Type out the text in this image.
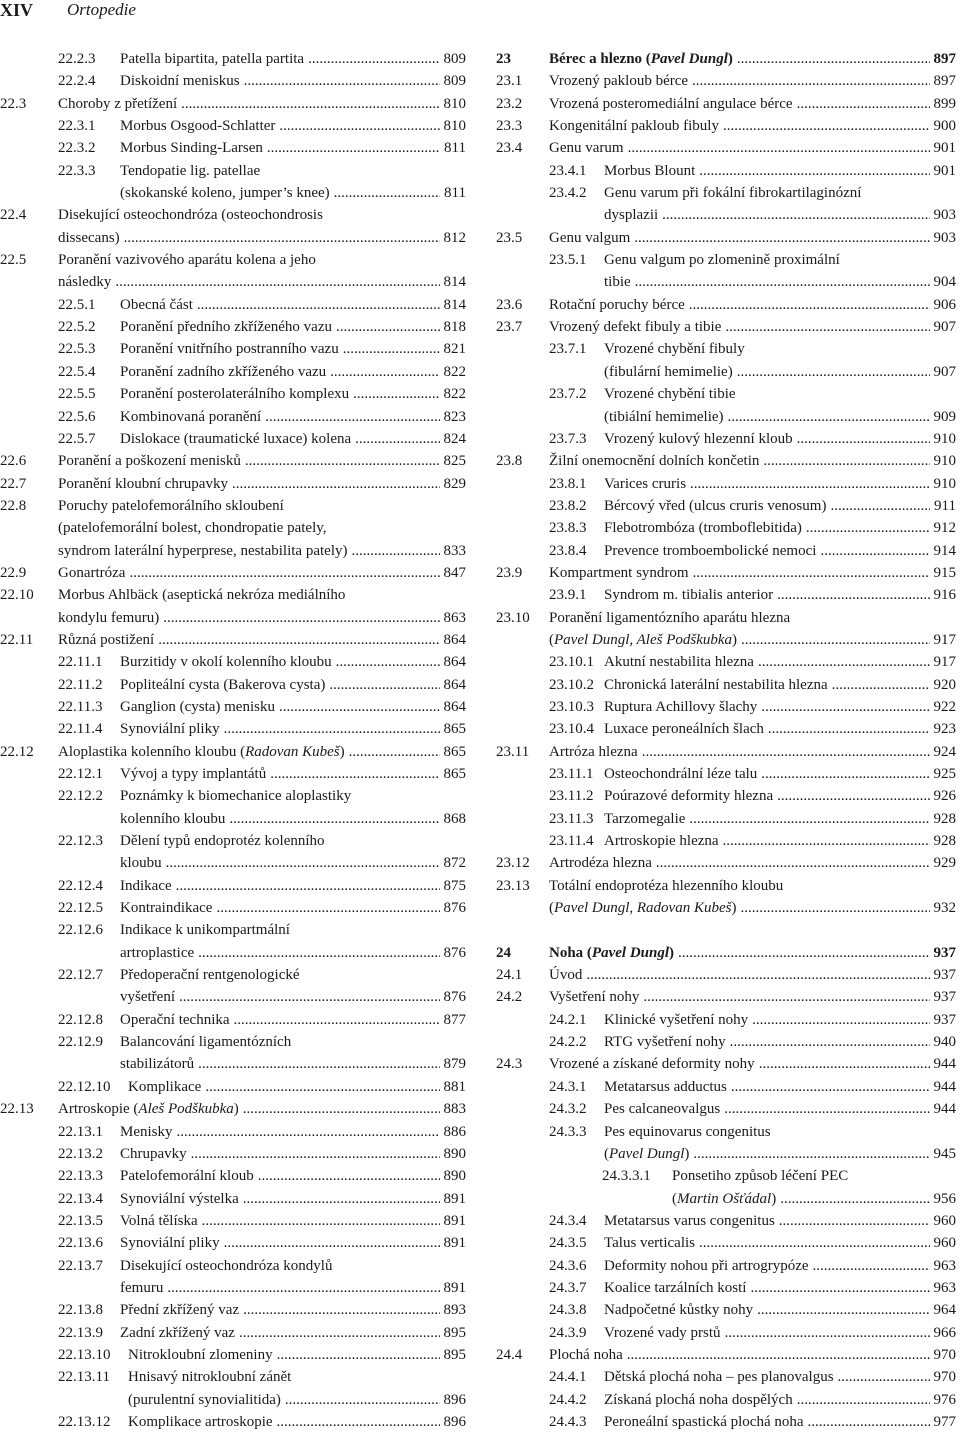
XIV Ortopedie
22.2.3	Patella bipartita, patella partita .....	809
22.2.4	Diskoidní meniskus .....	809
22.3	Choroby z přetížení .....	810
22.3.1	Morbus Osgood-Schlatter .....	810
22.3.2	Morbus Sinding-Larsen .....	811
22.3.3	Tendopatie lig. patellae
(skokanské koleno, jumper’s knee) .....	811
22.4	Disekující osteochondróza (osteochondrosis
dissecans) .....	812
22.5	Poranění vazivového aparátu kolena a jeho
následky .....	814
22.5.1	Obecná část .....	814
22.5.2	Poranění předního zkříženého vazu .....	818
22.5.3	Poranění vnitřního postranního vazu .....	821
22.5.4	Poranění zadního zkříženého vazu .....	822
22.5.5	Poranění posterolaterálního komplexu .....	822
22.5.6	Kombinovaná poranění .....	823
22.5.7	Dislokace (traumatické luxace) kolena .....	824
22.6	Poranění a poškození menisků .....	825
22.7	Poranění kloubní chrupavky .....	829
22.8	Poruchy patelofemorálního skloubení
(patelofemorální bolest, chondropatie pately,
syndrom laterální hyperprese, nestabilita pately) .....	833
22.9	Gonartróza .....	847
22.10	Morbus Ahlbäck (aseptická nekróza mediálního
kondylu femuru) .....	863
22.11	Různá postižení .....	864
22.11.1	Burzitidy v okolí kolenního kloubu .....	864
22.11.2	Popliteální cysta (Bakerova cysta) .....	864
22.11.3	Ganglion (cysta) menisku .....	864
22.11.4	Synoviální pliky .....	865
22.12	Aloplastika kolenního kloubu (Radovan Kubeš) .....	865
22.12.1	Vývoj a typy implantátů .....	865
22.12.2	Poznámky k biomechanice aloplastiky
kolenního kloubu .....	868
22.12.3	Dělení typů endoprotéz kolenního
kloubu .....	872
22.12.4	Indikace .....	875
22.12.5	Kontraindikace .....	876
22.12.6	Indikace k unikompartmální
artroplastice .....	876
22.12.7	Předoperační rentgenologické
vyšetření .....	876
22.12.8	Operační technika .....	877
22.12.9	Balancování ligamentózních
stabilizátorů .....	879
22.12.10	Komplikace .....	881
22.13	Artroskopie (Aleš Podškubka) .....	883
22.13.1	Menisky .....	886
22.13.2	Chrupavky .....	890
22.13.3	Patelofemorální kloub .....	890
22.13.4	Synoviální výstelka .....	891
22.13.5	Volná tělíska .....	891
22.13.6	Synoviální pliky .....	891
22.13.7	Disekující osteochondróza kondylů
femuru .....	891
22.13.8	Přední zkřížený vaz .....	893
22.13.9	Zadní zkřížený vaz .....	895
22.13.10	Nitrokloubní zlomeniny .....	895
22.13.11	Hnisavý nitrokloubní zánět
(purulentní synovialitida) .....	896
22.13.12	Komplikace artroskopie .....	896
23	Bérec a hlezno (Pavel Dungl) .....	897
23.1	Vrozený pakloub bérce .....	897
23.2	Vrozená posteromediální angulace bérce .....	899
23.3	Kongenitální pakloub fibuly .....	900
23.4	Genu varum .....	901
23.4.1	Morbus Blount .....	901
23.4.2	Genu varum při fokální fibrokartilaginózní
dysplazii .....	903
23.5	Genu valgum .....	903
23.5.1	Genu valgum po zlomenině proximální
tibie .....	904
23.6	Rotační poruchy bérce .....	906
23.7	Vrozený defekt fibuly a tibie .....	907
23.7.1	Vrozené chybění fibuly
(fibulární hemimelie) .....	907
23.7.2	Vrozené chybění tibie
(tibiální hemimelie) .....	909
23.7.3	Vrozený kulový hlezenní kloub .....	910
23.8	Žilní onemocnění dolních končetin .....	910
23.8.1	Varices cruris .....	910
23.8.2	Bércový vřed (ulcus cruris venosum) .....	911
23.8.3	Flebotrombóza (tromboflebitida) .....	912
23.8.4	Prevence tromboembolické nemoci .....	914
23.9	Kompartment syndrom .....	915
23.9.1	Syndrom m. tibialis anterior .....	916
23.10	Poranění ligamentózního aparátu hlezna
(Pavel Dungl, Aleš Podškubka) .....	917
23.10.1 Akutní nestabilita hlezna .....	917
23.10.2 Chronická laterální nestabilita hlezna .....	920
23.10.3 Ruptura Achillovy šlachy .....	922
23.10.4 Luxace peroneálních šlach .....	923
23.11	Artróza hlezna .....	924
23.11.1 Osteochondrální léze talu .....	925
23.11.2 Poúrazové deformity hlezna .....	926
23.11.3 Tarzomegalie .....	928
23.11.4 Artroskopie hlezna .....	928
23.12	Artrodéza hlezna .....	929
23.13	Totální endoprotéza hlezenního kloubu
(Pavel Dungl, Radovan Kubeš) .....	932
24	Noha (Pavel Dungl) .....	937
24.1	Úvod .....	937
24.2	Vyšetření nohy .....	937
24.2.1	Klinické vyšetření nohy .....	937
24.2.2	RTG vyšetření nohy .....	940
24.3	Vrozené a získané deformity nohy .....	944
24.3.1	Metatarsus adductus .....	944
24.3.2	Pes calcaneovalgus .....	944
24.3.3	Pes equinovarus congenitus
(Pavel Dungl) .....	945
24.3.3.1	Ponsetiho způsob léčení PEC
(Martin Ošťádal) .....	956
24.3.4	Metatarsus varus congenitus .....	960
24.3.5	Talus verticalis .....	960
24.3.6	Deformity nohou při artrogrypóze .....	963
24.3.7	Koalice tarzálních kostí .....	963
24.3.8	Nadpočetné kůstky nohy .....	964
24.3.9	Vrozené vady prstů .....	966
24.4	Plochá noha .....	970
24.4.1	Dětská plochá noha – pes planovalgus .....	970
24.4.2	Získaná plochá noha dospělých .....	976
24.4.3	Peroneální spastická plochá noha .....	977
